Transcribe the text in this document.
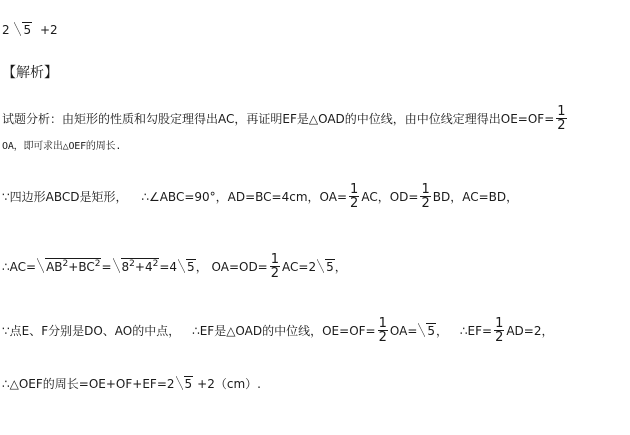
2 5 +2
【解析】
试题分析：由矩形的性质和勾股定理得出AC，再证明EF是△OAD的中位线，由中位线定理得出$OE=OF= \frac{1}{2}$
OA，即可求出△OEF的周长.
∵四边形ABCD是矩形， ∴∠ABC=90°，AD=BC=4cm，$OA= \frac{1}{2}$ AC，$OD= \frac{1}{2}$ BD，AC=BD，
∴AC= $AB^2+BC^2= 8^2+4^2=4$ 5， $OA=OD= \frac{1}{2} AC=2$ 5，
∵点E、F分别是DO、AO的中点， ∴EF是△OAD的中位线，$OE=OF= \frac{1}{2} OA= 5$， ∴EF= $\frac{1}{2} AD=2$，
∴△OEF的周长=OE+OF+EF=2 5 +2（cm）.
